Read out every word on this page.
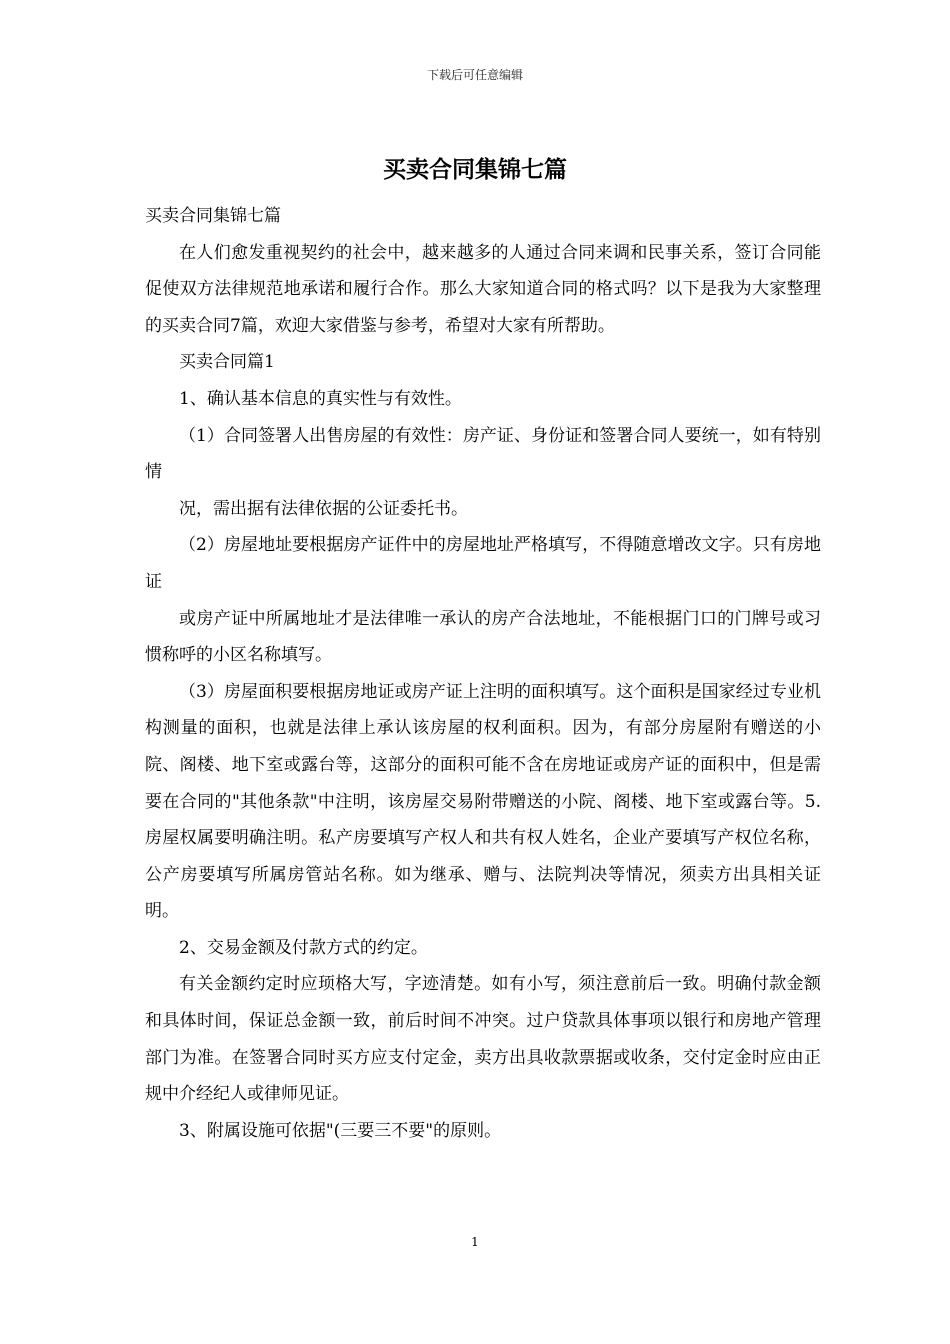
下载后可任意编辑
买卖合同集锦七篇

买卖合同集锦七篇

在人们愈发重视契约的社会中，越来越多的人通过合同来调和民事关系，签订合同能促使双方法律规范地承诺和履行合作。那么大家知道合同的格式吗？以下是我为大家整理的买卖合同7篇，欢迎大家借鉴与参考，希望对大家有所帮助。

买卖合同篇1

1、确认基本信息的真实性与有效性。

（1）合同签署人出售房屋的有效性：房产证、身份证和签署合同人要统一，如有特别情

况，需出据有法律依据的公证委托书。

（2）房屋地址要根据房产证件中的房屋地址严格填写，不得随意增改文字。只有房地证

或房产证中所属地址才是法律唯一承认的房产合法地址，不能根据门口的门牌号或习惯称呼的小区名称填写。

（3）房屋面积要根据房地证或房产证上注明的面积填写。这个面积是国家经过专业机构测量的面积，也就是法律上承认该房屋的权利面积。因为，有部分房屋附有赠送的小院、阁楼、地下室或露台等，这部分的面积可能不含在房地证或房产证的面积中，但是需要在合同的"其他条款"中注明，该房屋交易附带赠送的小院、阁楼、地下室或露台等。5.房屋权属要明确注明。私产房要填写产权人和共有权人姓名，企业产要填写产权位名称，公产房要填写所属房管站名称。如为继承、赠与、法院判决等情况，须卖方出具相关证明。

2、交易金额及付款方式的约定。

有关金额约定时应顼格大写，字迹清楚。如有小写，须注意前后一致。明确付款金额和具体时间，保证总金额一致，前后时间不冲突。过户贷款具体事项以银行和房地产管理部门为准。在签署合同时买方应支付定金，卖方出具收款票据或收条，交付定金时应由正规中介经纪人或律师见证。

3、附属设施可依据"(三要三不要"的原则。

1
